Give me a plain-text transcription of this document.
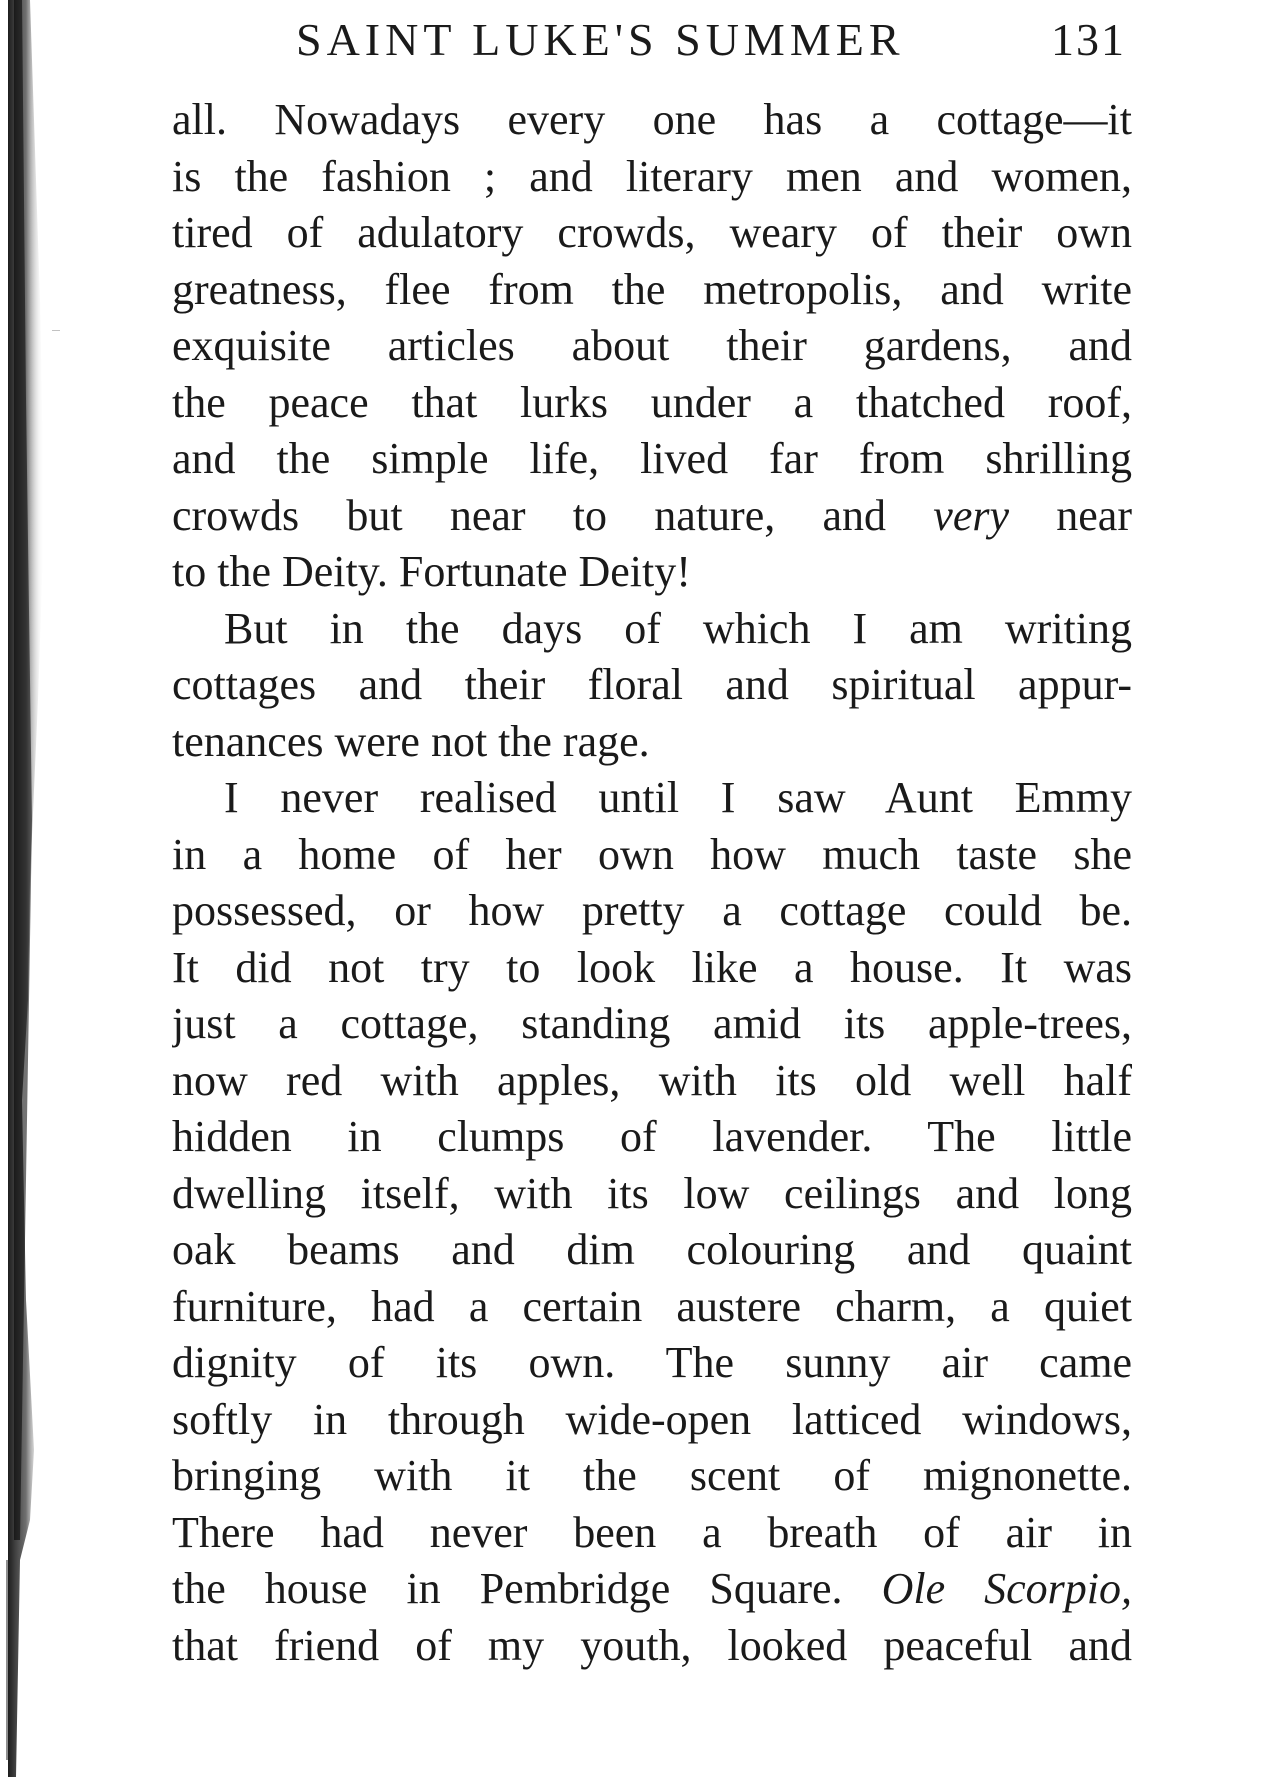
SAINT LUKE'S SUMMER	131
all. Nowadays every one has a cottage—it
is the fashion ; and literary men and women,
tired of adulatory crowds, weary of their own
greatness, flee from the metropolis, and write
exquisite articles about their gardens, and
the peace that lurks under a thatched roof,
and the simple life, lived far from shrilling
crowds but near to nature, and very near
to the Deity. Fortunate Deity!
But in the days of which I am writing
cottages and their floral and spiritual appur-
tenances were not the rage.
I never realised until I saw Aunt Emmy
in a home of her own how much taste she
possessed, or how pretty a cottage could be.
It did not try to look like a house. It was
just a cottage, standing amid its apple-trees,
now red with apples, with its old well half
hidden in clumps of lavender. The little
dwelling itself, with its low ceilings and long
oak beams and dim colouring and quaint
furniture, had a certain austere charm, a quiet
dignity of its own. The sunny air came
softly in through wide-open latticed windows,
bringing with it the scent of mignonette.
There had never been a breath of air in
the house in Pembridge Square. Ole Scorpio,
that friend of my youth, looked peaceful and
